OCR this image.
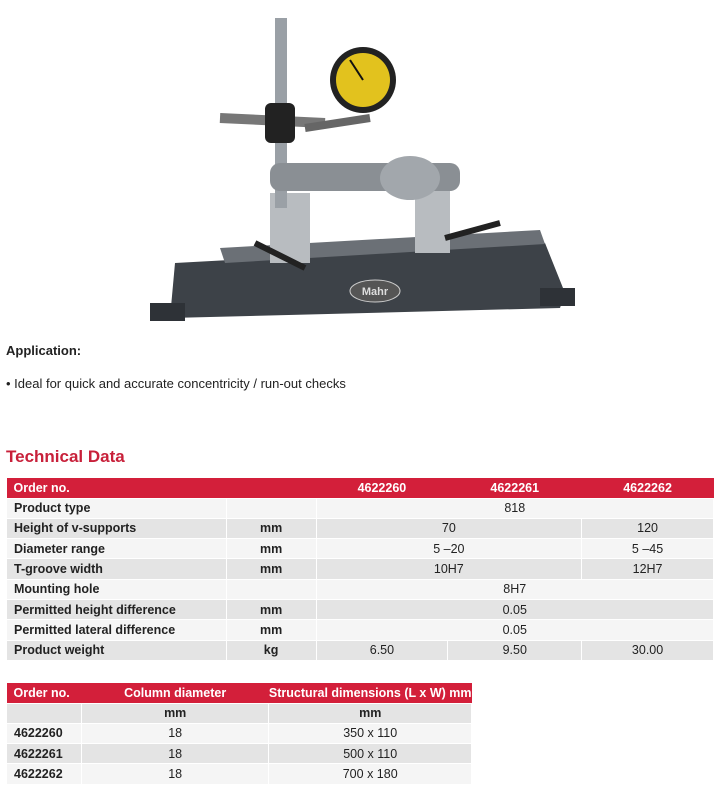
Mahr
Application:
• Ideal for quick and accurate concentricity / run-out checks
Technical Data
Order no.		4622260	4622261	4622262
Product type		818		
Height of v-supports	mm	70		120
Diameter range	mm	5 –20		5 –45
T-groove width	mm	10H7		12H7
Mounting hole		8H7		
Permitted height difference	mm	0.05		
Permitted lateral difference	mm	0.05		
Product weight	kg	6.50	9.50	30.00
Order no.	Column diameter	Structural dimensions (L x W) mm
	mm	mm
4622260	18	350 x 110
4622261	18	500 x 110
4622262	18	700 x 180
